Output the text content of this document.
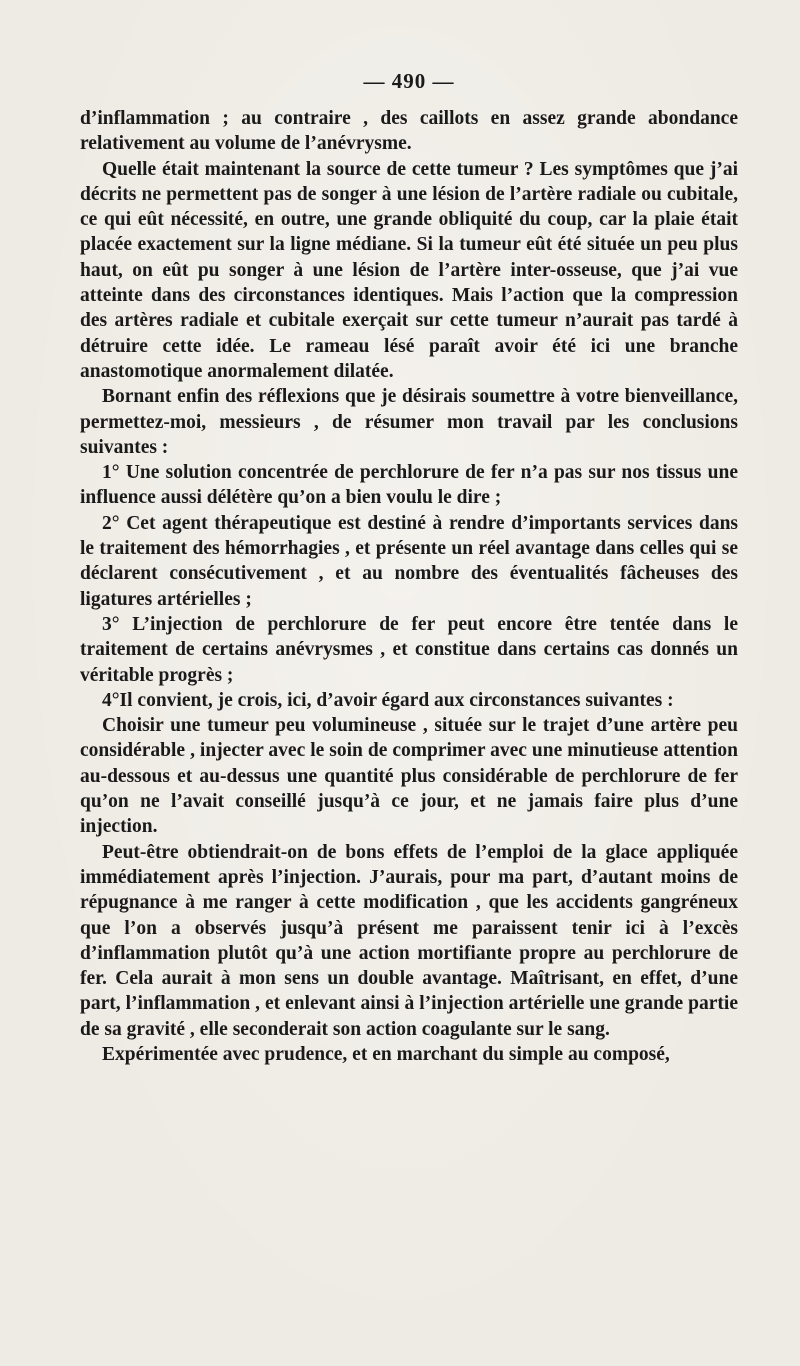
— 490 —

d’inflammation ; au contraire , des caillots en assez grande abondance relativement au volume de l’anévrysme.

Quelle était maintenant la source de cette tumeur ? Les symptômes que j’ai décrits ne permettent pas de songer à une lésion de l’artère radiale ou cubitale, ce qui eût nécessité, en outre, une grande obliquité du coup, car la plaie était placée exactement sur la ligne médiane. Si la tumeur eût été située un peu plus haut, on eût pu songer à une lésion de l’artère inter-osseuse, que j’ai vue atteinte dans des circonstances identiques. Mais l’action que la compression des artères radiale et cubitale exerçait sur cette tumeur n’aurait pas tardé à détruire cette idée. Le rameau lésé paraît avoir été ici une branche anastomotique anormalement dilatée.

Bornant enfin des réflexions que je désirais soumettre à votre bienveillance, permettez-moi, messieurs , de résumer mon travail par les conclusions suivantes :

1° Une solution concentrée de perchlorure de fer n’a pas sur nos tissus une influence aussi délétère qu’on a bien voulu le dire ;

2° Cet agent thérapeutique est destiné à rendre d’importants services dans le traitement des hémorrhagies , et présente un réel avantage dans celles qui se déclarent consécutivement , et au nombre des éventualités fâcheuses des ligatures artérielles ;

3° L’injection de perchlorure de fer peut encore être tentée dans le traitement de certains anévrysmes , et constitue dans certains cas donnés un véritable progrès ;

4°Il convient, je crois, ici, d’avoir égard aux circonstances suivantes :

Choisir une tumeur peu volumineuse , située sur le trajet d’une artère peu considérable , injecter avec le soin de comprimer avec une minutieuse attention au-dessous et au-dessus une quantité plus considérable de perchlorure de fer qu’on ne l’avait conseillé jusqu’à ce jour, et ne jamais faire plus d’une injection.

Peut-être obtiendrait-on de bons effets de l’emploi de la glace appliquée immédiatement après l’injection. J’aurais, pour ma part, d’autant moins de répugnance à me ranger à cette modification , que les accidents gangréneux que l’on a observés jusqu’à présent me paraissent tenir ici à l’excès d’inflammation plutôt qu’à une action mortifiante propre au perchlorure de fer. Cela aurait à mon sens un double avantage. Maîtrisant, en effet, d’une part, l’inflammation , et enlevant ainsi à l’injection artérielle une grande partie de sa gravité , elle seconderait son action coagulante sur le sang.

Expérimentée avec prudence, et en marchant du simple au composé,
